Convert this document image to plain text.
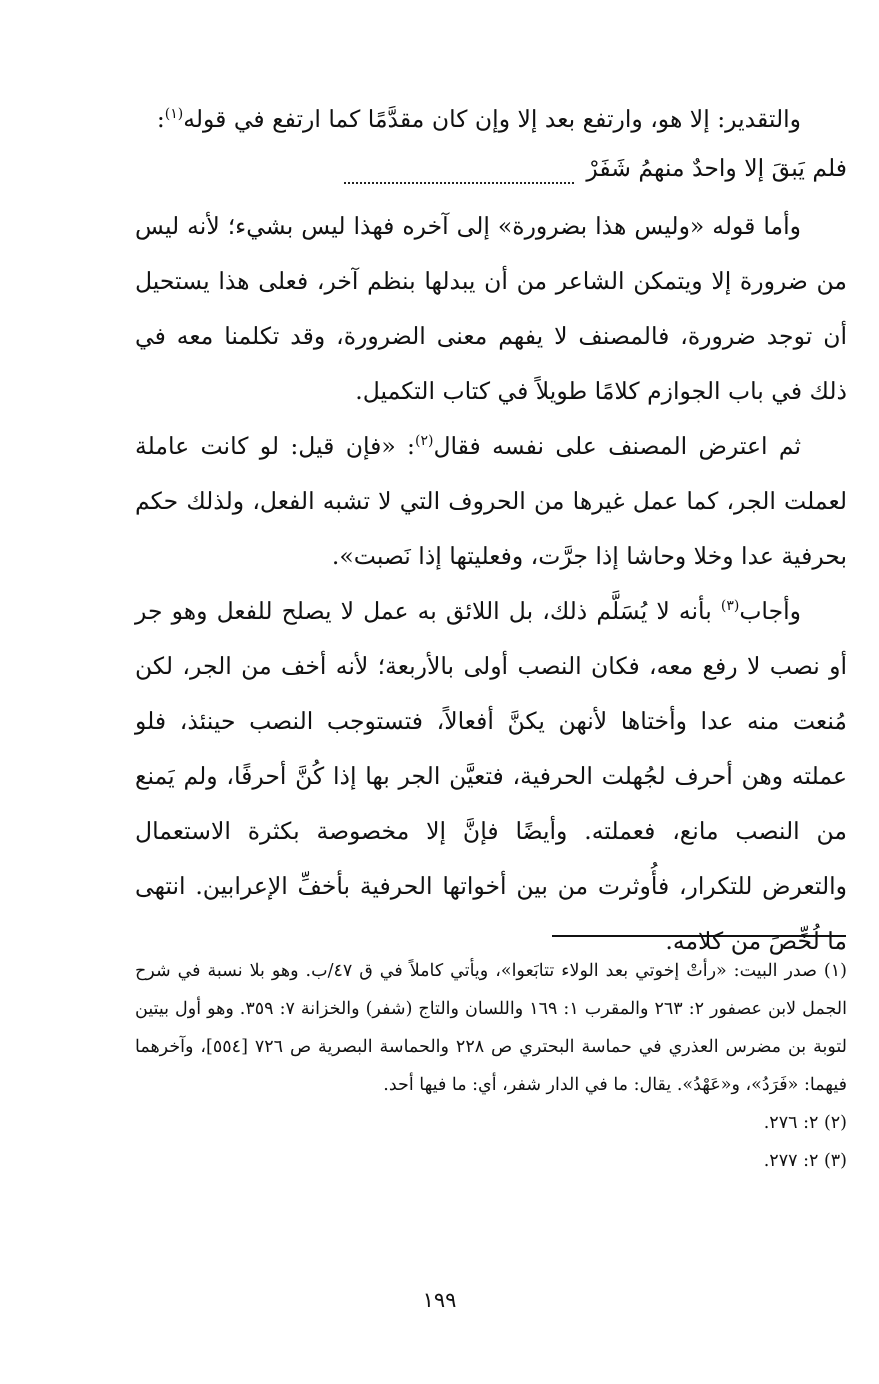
والتقدير: إلا هو، وارتفع بعد إلا وإن كان مقدَّمًا كما ارتفع في قوله$^{(١)}$:

فلم يَبقَ إلا واحدٌ منهمُ شَفَرْ

وأما قوله «وليس هذا بضرورة» إلى آخره فهذا ليس بشيء؛ لأنه ليس من ضرورة إلا ويتمكن الشاعر من أن يبدلها بنظم آخر، فعلى هذا يستحيل أن توجد ضرورة، فالمصنف لا يفهم معنى الضرورة، وقد تكلمنا معه في ذلك في باب الجوازم كلامًا طويلاً في كتاب التكميل.

ثم اعترض المصنف على نفسه فقال$^{(٢)}$: «فإن قيل: لو كانت عاملة لعملت الجر، كما عمل غيرها من الحروف التي لا تشبه الفعل، ولذلك حكم بحرفية عدا وخلا وحاشا إذا جرَّت، وفعليتها إذا نَصبت».

وأجاب$^{(٣)}$ بأنه لا يُسَلَّم ذلك، بل اللائق به عمل لا يصلح للفعل وهو جر أو نصب لا رفع معه، فكان النصب أولى بالأربعة؛ لأنه أخف من الجر، لكن مُنعت منه عدا وأختاها لأنهن يكنَّ أفعالاً، فتستوجب النصب حينئذ، فلو عملته وهن أحرف لجُهلت الحرفية، فتعيَّن الجر بها إذا كُنَّ أحرفًا، ولم يَمنع من النصب مانع، فعملته. وأيضًا فإنَّ إلا مخصوصة بكثرة الاستعمال والتعرض للتكرار، فأُوثرت من بين أخواتها الحرفية بأخفِّ الإعرابين. انتهى ما لُخِّصَ من كلامه.

(١) صدر البيت: «رأتْ إخوتي بعد الولاء تتابَعوا»، ويأتي كاملاً في ق ٤٧/ب. وهو بلا نسبة في شرح الجمل لابن عصفور ٢: ٢٦٣ والمقرب ١: ١٦٩ واللسان والتاج (شفر) والخزانة ٧: ٣٥٩. وهو أول بيتين لتوبة بن مضرس العذري في حماسة البحتري ص ٢٢٨ والحماسة البصرية ص ٧٢٦ [٥٥٤]، وآخرهما فيهما: «فَرَدُ»، و«عَهْدُ». يقال: ما في الدار شفر، أي: ما فيها أحد.

(٢) ٢: ٢٧٦.

(٣) ٢: ٢٧٧.

١٩٩
